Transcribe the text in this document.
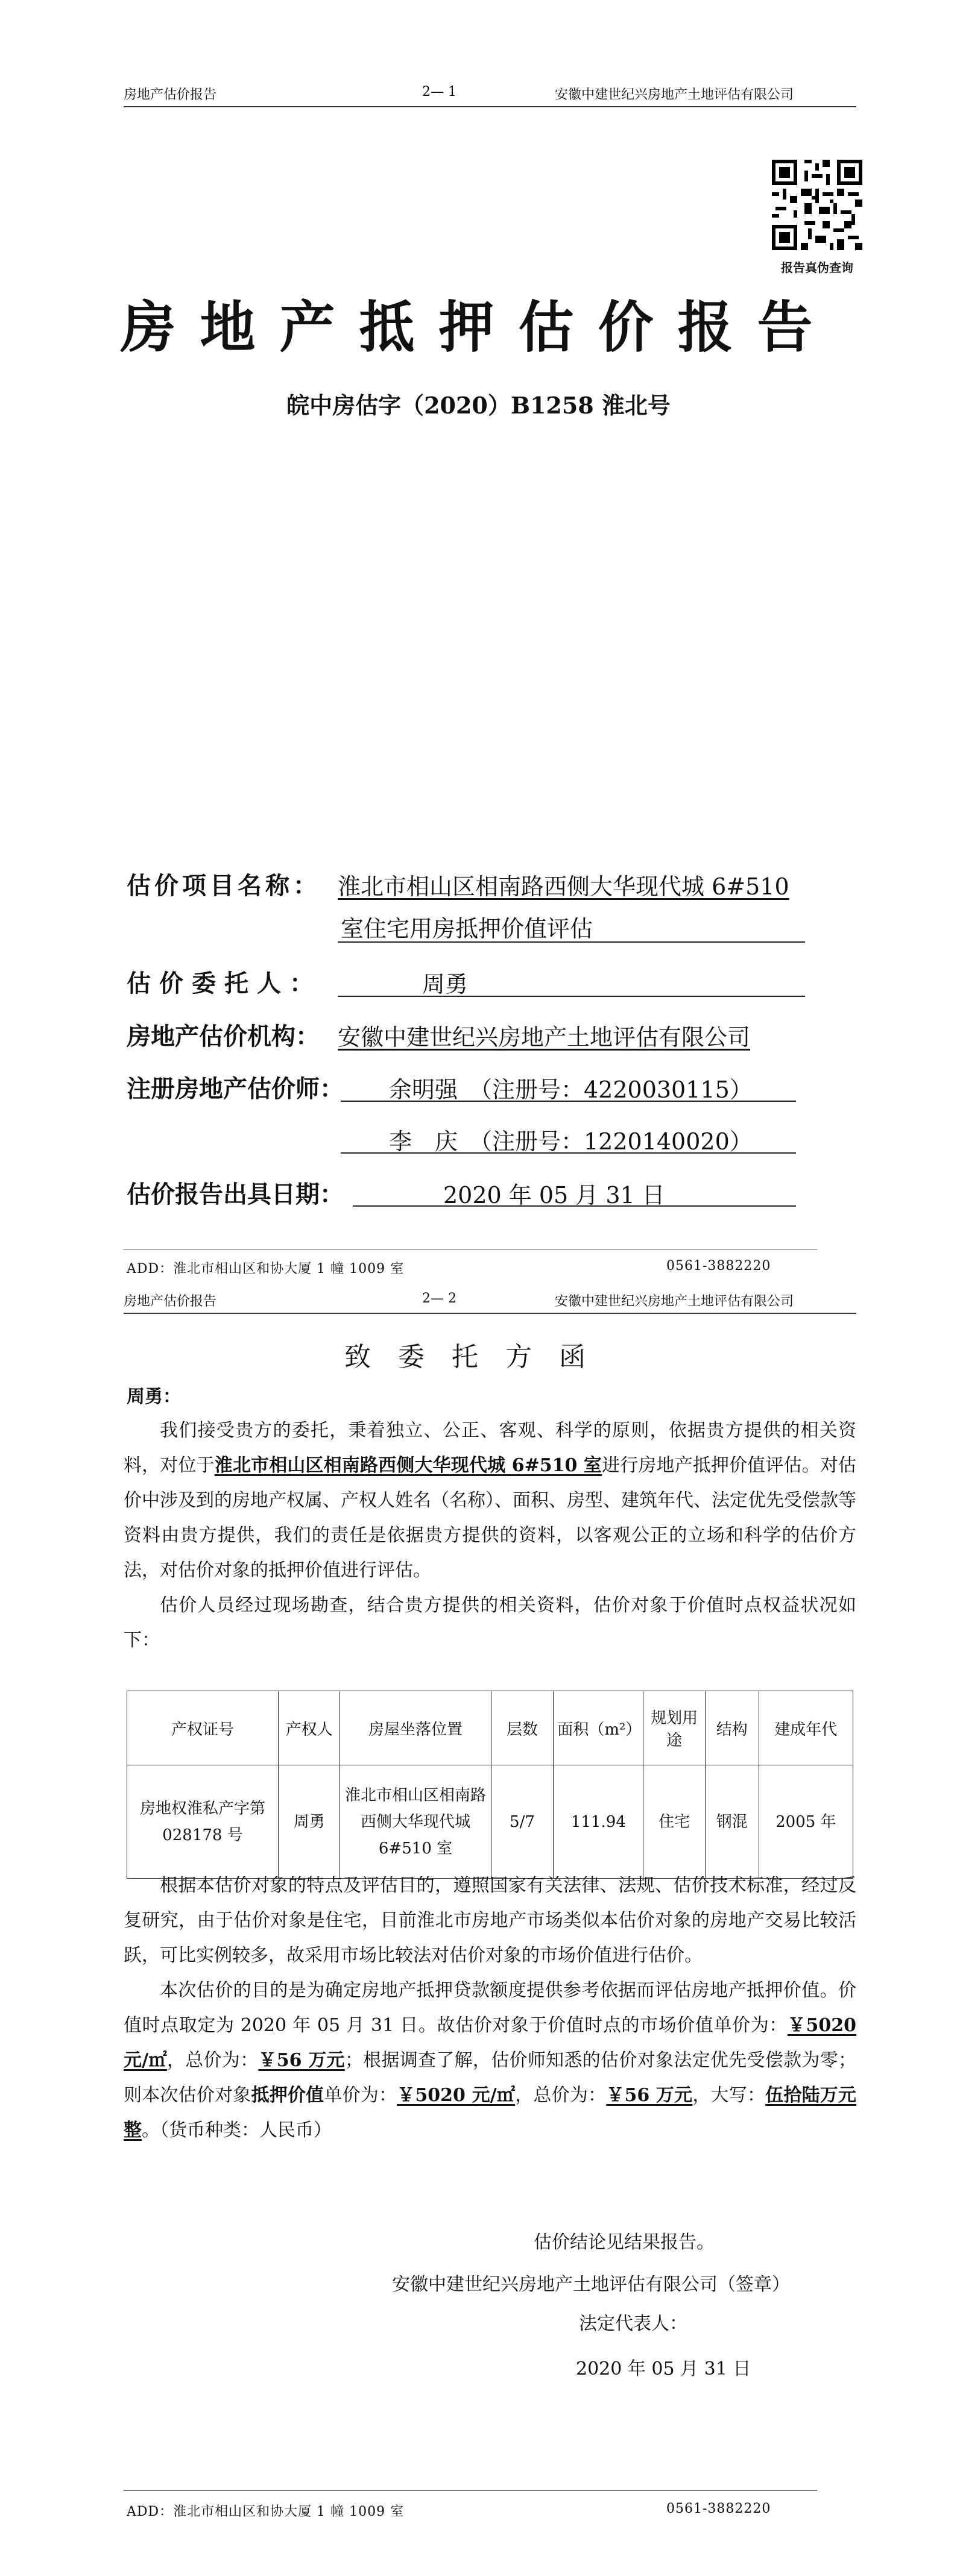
房地产估价报告	2— 1	安徽中建世纪兴房地产土地评估有限公司
报告真伪查询
房地产抵押估价报告
皖中房估字（2020）B1258 淮北号
估价项目名称： 淮北市相山区相南路西侧大华现代城 6#510
室住宅用房抵押价值评估
估价委托人：	周勇
房地产估价机构： 安徽中建世纪兴房地产土地评估有限公司
注册房地产估价师： 余明强　（注册号：4220030115）
李　庆　（注册号：1220140020）
估价报告出具日期：	2020 年 05 月 31 日
ADD：淮北市相山区和协大厦 1 幢 1009 室	0561-3882220
房地产估价报告	2— 2	安徽中建世纪兴房地产土地评估有限公司
致委托方函
周勇：

我们接受贵方的委托，秉着独立、公正、客观、科学的原则，依据贵方提供的相关资料，对位于淮北市相山区相南路西侧大华现代城 6#510 室进行房地产抵押价值评估。对估价中涉及到的房地产权属、产权人姓名（名称）、面积、房型、建筑年代、法定优先受偿款等资料由贵方提供，我们的责任是依据贵方提供的资料，以客观公正的立场和科学的估价方法，对估价对象的抵押价值进行评估。

估价人员经过现场勘查，结合贵方提供的相关资料，估价对象于价值时点权益状况如下：

产权证号	产权人	房屋坐落位置	层数	面积（m²）	规划用途	结构	建成年代
房地权淮私产字第 028178 号	周勇	淮北市相山区相南路西侧大华现代城 6#510 室	5/7	111.94	住宅	钢混	2005 年

根据本估价对象的特点及评估目的，遵照国家有关法律、法规、估价技术标准，经过反复研究，由于估价对象是住宅，目前淮北市房地产市场类似本估价对象的房地产交易比较活跃，可比实例较多，故采用市场比较法对估价对象的市场价值进行估价。

本次估价的目的是为确定房地产抵押贷款额度提供参考依据而评估房地产抵押价值。价值时点取定为 2020 年 05 月 31 日。故估价对象于价值时点的市场价值单价为：￥5020 元/㎡，总价为：￥56 万元；根据调查了解，估价师知悉的估价对象法定优先受偿款为零；则本次估价对象抵押价值单价为：￥5020 元/㎡，总价为：￥56 万元，大写：伍拾陆万元整。（货币种类：人民币）

估价结论见结果报告。
安徽中建世纪兴房地产土地评估有限公司（签章）
法定代表人：
2020 年 05 月 31 日
ADD：淮北市相山区和协大厦 1 幢 1009 室	0561-3882220
